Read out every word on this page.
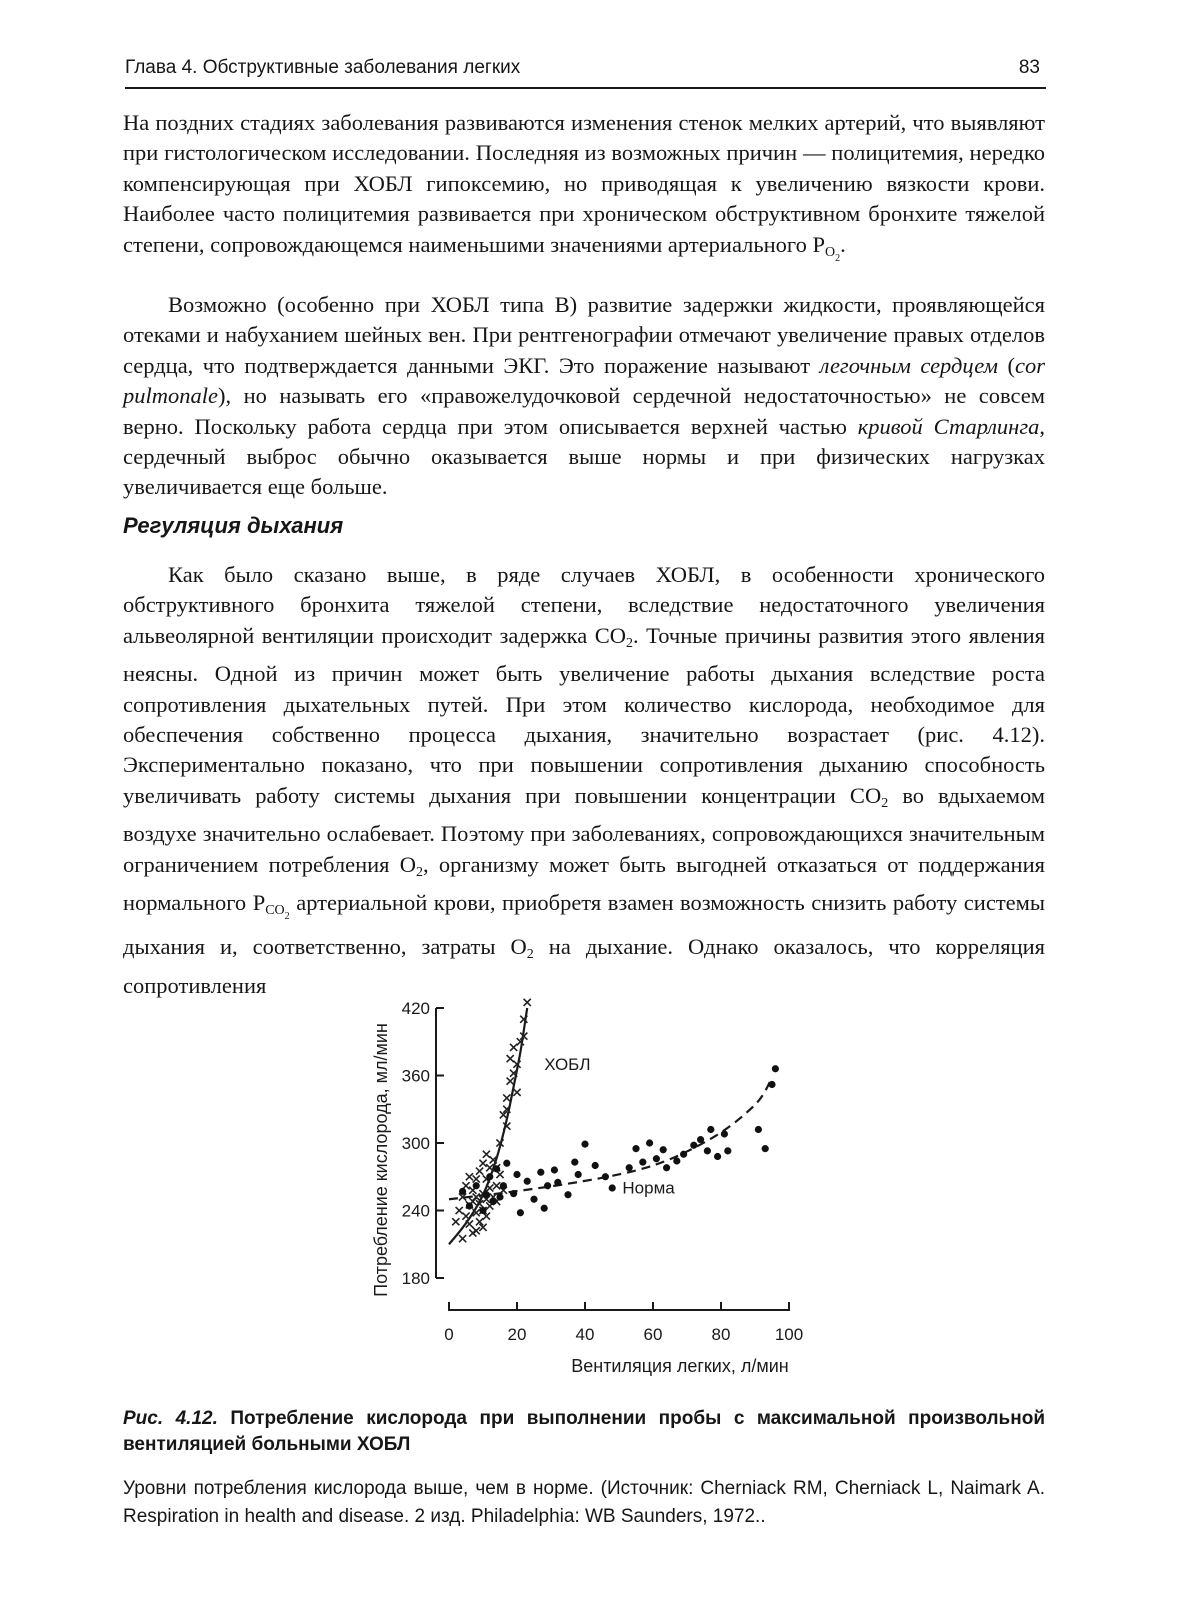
Глава 4. Обструктивные заболевания легких	83

На поздних стадиях заболевания развиваются изменения стенок мелких артерий, что выявляют при гистологическом исследовании. Последняя из возможных причин — полицитемия, нередко компенсирующая при ХОБЛ гипоксемию, но приводящая к увеличению вязкости крови. Наиболее часто полицитемия развивается при хроническом обструктивном бронхите тяжелой степени, сопровождающемся наименьшими значениями артериального $P_{O2}$.

Возможно (особенно при ХОБЛ типа B) развитие задержки жидкости, проявляющейся отеками и набуханием шейных вен. При рентгенографии отмечают увеличение правых отделов сердца, что подтверждается данными ЭКГ. Это поражение называют легочным сердцем (cor pulmonale), но называть его «правожелудочковой сердечной недостаточностью» не совсем верно. Поскольку работа сердца при этом описывается верхней частью кривой Старлинга, сердечный выброс обычно оказывается выше нормы и при физических нагрузках увеличивается еще больше.

Регуляция дыхания

Как было сказано выше, в ряде случаев ХОБЛ, в особенности хронического обструктивного бронхита тяжелой степени, вследствие недостаточного увеличения альвеолярной вентиляции происходит задержка $CO_2$. Точные причины развития этого явления неясны. Одной из причин может быть увеличение работы дыхания вследствие роста сопротивления дыхательных путей. При этом количество кислорода, необходимое для обеспечения собственно процесса дыхания, значительно возрастает (рис. 4.12). Экспериментально показано, что при повышении сопротивления дыханию способность увеличивать работу системы дыхания при повышении концентрации $CO_2$ во вдыхаемом воздухе значительно ослабевает. Поэтому при заболеваниях, сопровождающихся значительным ограничением потребления $O_2$, организму может быть выгодней отказаться от поддержания нормального $P_{CO2}$ артериальной крови, приобретя взамен возможность снизить работу системы дыхания и, соответственно, затраты $O_2$ на дыхание. Однако оказалось, что корреляция сопротивления

180
240
300
360
420
0	20	40	60	80	100
ХОБЛ
Норма
Вентиляция легких, л/мин
Потребление кислорода, мл/мин

Рис. 4.12. Потребление кислорода при выполнении пробы с максимальной произвольной вентиляцией больными ХОБЛ

Уровни потребления кислорода выше, чем в норме. (Источник: Cherniack RM, Cherniack L, Naimark A. Respiration in health and disease. 2 изд. Philadelphia: WB Saunders, 1972..
